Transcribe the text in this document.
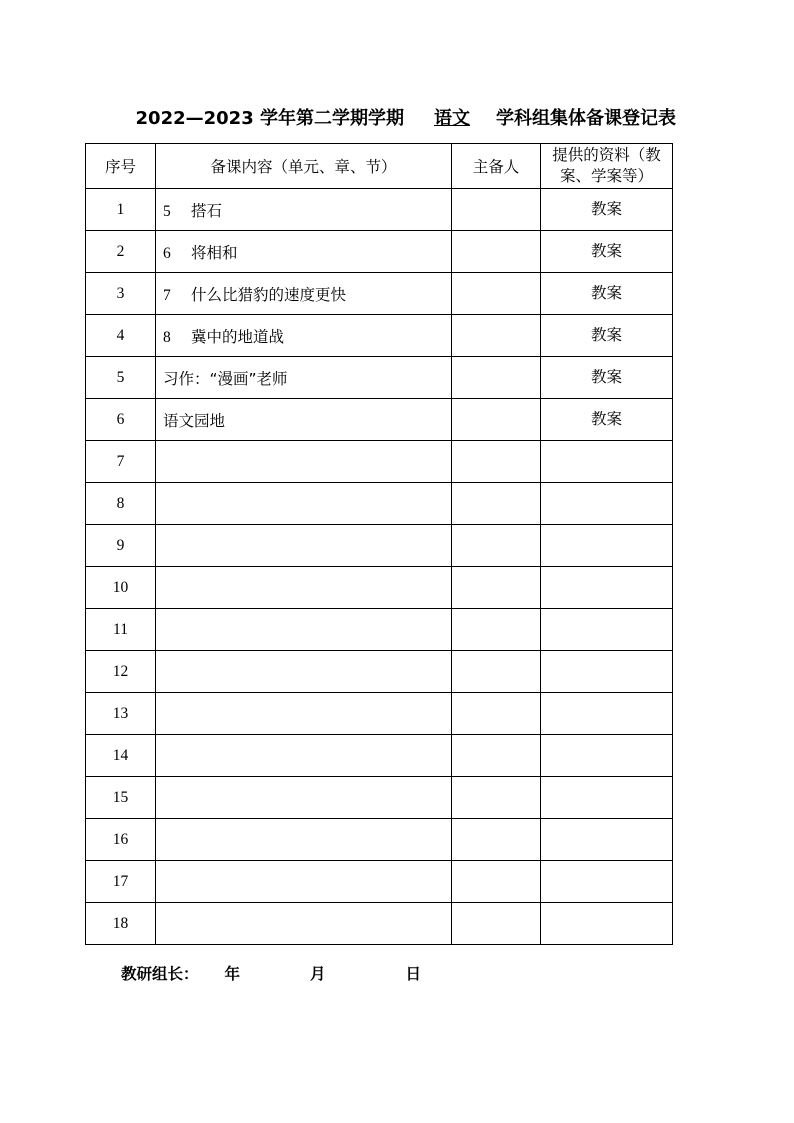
2022—2023 学年第二学期学期 语文 学科组集体备课登记表
序号	备课内容（单元、章、节）	主备人	提供的资料（教案、学案等）
1	5 搭石		教案
2	6 将相和		教案
3	7 什么比猎豹的速度更快		教案
4	8 冀中的地道战		教案
5	习作：“漫画”老师		教案
6	语文园地		教案
7			
8			
9			
10			
11			
12			
13			
14			
15			
16			
17			
18			
教研组长： 年	月	日
